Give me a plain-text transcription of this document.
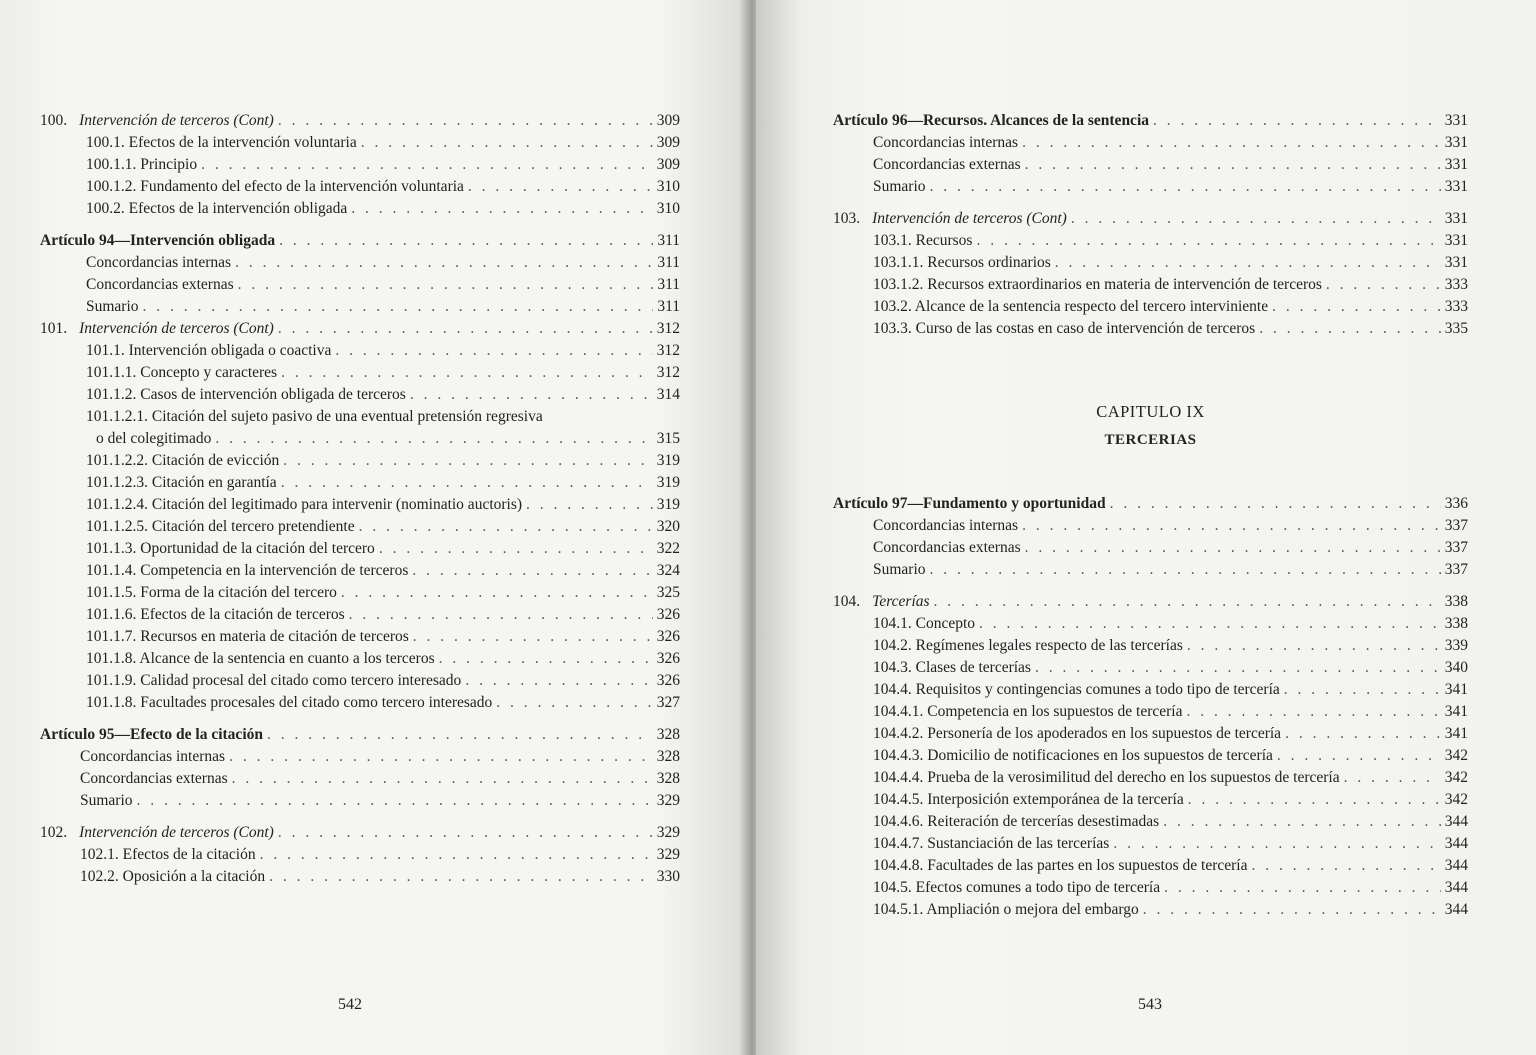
100. Intervención de terceros (Cont) . . .	309
100.1. Efectos de la intervención voluntaria . . .	309
100.1.1. Principio . . .	309
100.1.2. Fundamento del efecto de la intervención voluntaria . . .	310
100.2. Efectos de la intervención obligada . . .	310
Artículo 94 —Intervención obligada . . .	311
Concordancias internas . . .	311
Concordancias externas . . .	311
Sumario . . .	311
101. Intervención de terceros (Cont) . . .	312
101.1. Intervención obligada o coactiva . . .	312
101.1.1. Concepto y caracteres . . .	312
101.1.2. Casos de intervención obligada de terceros . . .	314
101.1.2.1. Citación del sujeto pasivo de una eventual pretensión regresiva
o del colegitimado . . .	315
101.1.2.2. Citación de evicción . . .	319
101.1.2.3. Citación en garantía . . .	319
101.1.2.4. Citación del legitimado para intervenir (nominatio auctoris) . . .	319
101.1.2.5. Citación del tercero pretendiente . . .	320
101.1.3. Oportunidad de la citación del tercero . . .	322
101.1.4. Competencia en la intervención de terceros . . .	324
101.1.5. Forma de la citación del tercero . . .	325
101.1.6. Efectos de la citación de terceros . . .	326
101.1.7. Recursos en materia de citación de terceros . . .	326
101.1.8. Alcance de la sentencia en cuanto a los terceros . . .	326
101.1.9. Calidad procesal del citado como tercero interesado . . .	326
101.1.8. Facultades procesales del citado como tercero interesado . . .	327
Artículo 95 —Efecto de la citación . . .	328
Concordancias internas . . .	328
Concordancias externas . . .	328
Sumario . . .	329
102. Intervención de terceros (Cont) . . .	329
102.1. Efectos de la citación . . .	329
102.2. Oposición a la citación . . .	330
542	543
Artículo 96 —Recursos. Alcances de la sentencia . . .	331
Concordancias internas . . .	331
Concordancias externas . . .	331
Sumario . . .	331
103. Intervención de terceros (Cont) . . .	331
103.1. Recursos . . .	331
103.1.1. Recursos ordinarios . . .	331
103.1.2. Recursos extraordinarios en materia de intervención de terceros . . .	333
103.2. Alcance de la sentencia respecto del tercero interviniente . . .	333
103.3. Curso de las costas en caso de intervención de terceros . . .	335
CAPITULO IX
TERCERIAS
Artículo 97 —Fundamento y oportunidad . . .	336
Concordancias internas . . .	337
Concordancias externas . . .	337
Sumario . . .	337
104. Tercerías . . .	338
104.1. Concepto . . .	338
104.2. Regímenes legales respecto de las tercerías . . .	339
104.3. Clases de tercerías . . .	340
104.4. Requisitos y contingencias comunes a todo tipo de tercería . . .	341
104.4.1. Competencia en los supuestos de tercería . . .	341
104.4.2. Personería de los apoderados en los supuestos de tercería . . .	341
104.4.3. Domicilio de notificaciones en los supuestos de tercería . . .	342
104.4.4. Prueba de la verosimilitud del derecho en los supuestos de tercería . . .	342
104.4.5. Interposición extemporánea de la tercería . . .	342
104.4.6. Reiteración de tercerías desestimadas . . .	344
104.4.7. Sustanciación de las tercerías . . .	344
104.4.8. Facultades de las partes en los supuestos de tercería . . .	344
104.5. Efectos comunes a todo tipo de tercería . . .	344
104.5.1. Ampliación o mejora del embargo . . .	344
